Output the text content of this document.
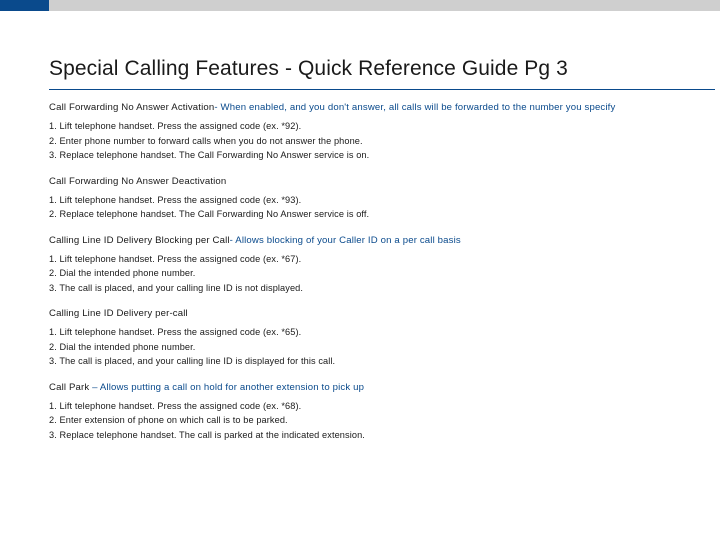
Special Calling Features - Quick Reference Guide Pg 3
Call Forwarding No Answer Activation- When enabled, and you don't answer, all calls will be forwarded to the number you specify
1. Lift telephone handset. Press the assigned code (ex. *92).
2. Enter phone number to forward calls when you do not answer the phone.
3. Replace telephone handset. The Call Forwarding No Answer service is on.
Call Forwarding No Answer Deactivation
1. Lift telephone handset. Press the assigned code (ex. *93).
2. Replace telephone handset. The Call Forwarding No Answer service is off.
Calling Line ID Delivery Blocking per Call- Allows blocking of your Caller ID on a per call basis
1. Lift telephone handset. Press the assigned code (ex. *67).
2. Dial the intended phone number.
3. The call is placed, and your calling line ID is not displayed.
Calling Line ID Delivery per-call
1. Lift telephone handset. Press the assigned code (ex. *65).
2. Dial the intended phone number.
3. The call is placed, and your calling line ID is displayed for this call.
Call Park – Allows putting a call on hold for another extension to pick up
1. Lift telephone handset. Press the assigned code (ex. *68).
2. Enter extension of phone on which call is to be parked.
3. Replace telephone handset. The call is parked at the indicated extension.
